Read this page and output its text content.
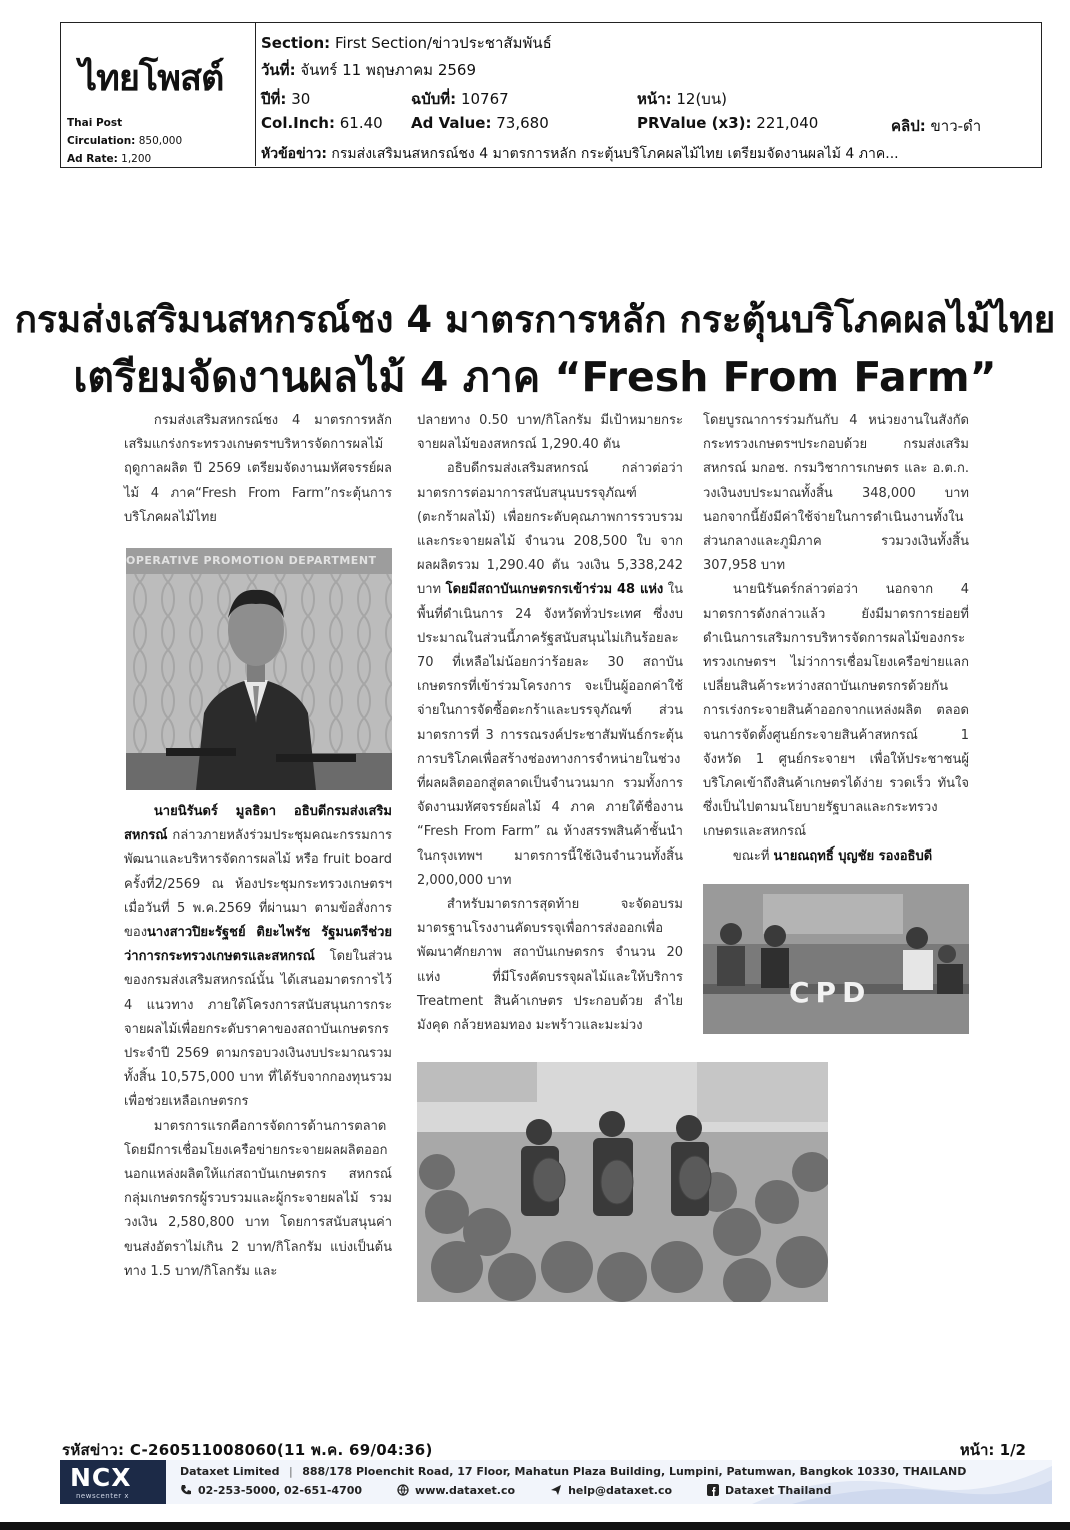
ไทยโพสต์
Thai Post
Circulation: 850,000
Ad Rate: 1,200
Section: First Section/ข่าวประชาสัมพันธ์
วันที่: จันทร์ 11 พฤษภาคม 2569
ปีที่: 30	ฉบับที่: 10767	หน้า: 12(บน)
Col.Inch: 61.40 Ad Value: 73,680	PRValue (x3): 221,040	คลิป: ขาว-ดำ
หัวข้อข่าว: กรมส่งเสริมนสหกรณ์ชง 4 มาตรการหลัก กระตุ้นบริโภคผลไม้ไทย เตรียมจัดงานผลไม้ 4 ภาค...
กรมส่งเสริมนสหกรณ์ชง 4 มาตรการหลัก กระตุ้นบริโภคผลไม้ไทย
เตรียมจัดงานผลไม้ 4 ภาค “Fresh From Farm”

กรมส่งเสริมสหกรณ์ชง 4 มาตรการหลักเสริมแกร่งกระทรวงเกษตรฯบริหารจัดการผลไม้ ฤดูกาลผลิต ปี 2569 เตรียมจัดงานมหัศจรรย์ผลไม้ 4 ภาค“Fresh From Farm”กระตุ้นการบริโภคผลไม้ไทย

OPERATIVE PROMOTION DEPARTMENT

นายนิรันดร์ มูลธิดา อธิบดีกรมส่งเสริมสหกรณ์ กล่าวภายหลังร่วมประชุมคณะกรรมการพัฒนาและบริหารจัดการผลไม้ หรือ fruit board ครั้งที่2/2569 ณ ห้องประชุมกระทรวงเกษตรฯ เมื่อวันที่ 5 พ.ค.2569 ที่ผ่านมา ตามข้อสั่งการของนางสาวปิยะรัฐชย์ ติยะไพรัช รัฐมนตรีช่วยว่าการกระทรวงเกษตรและสหกรณ์ โดยในส่วนของกรมส่งเสริมสหกรณ์นั้น ได้เสนอมาตรการไว้ 4 แนวทาง ภายใต้โครงการสนับสนุนการกระจายผลไม้เพื่อยกระดับราคาของสถาบันเกษตรกร ประจำปี 2569 ตามกรอบวงเงินงบประมาณรวมทั้งสิ้น 10,575,000 บาท ที่ได้รับจากกองทุนรวมเพื่อช่วยเหลือเกษตรกร

มาตรการแรกคือการจัดการด้านการตลาด โดยมีการเชื่อมโยงเครือข่ายกระจายผลผลิตออกนอกแหล่งผลิตให้แก่สถาบันเกษตรกร สหกรณ์ กลุ่มเกษตรกรผู้รวบรวมและผู้กระจายผลไม้ รวมวงเงิน 2,580,800 บาท โดยการสนับสนุนค่าขนส่งอัตราไม่เกิน 2 บาท/กิโลกรัม แบ่งเป็นต้นทาง 1.5 บาท/กิโลกรัม และ

ปลายทาง 0.50 บาท/กิโลกรัม มีเป้าหมายกระจายผลไม้ของสหกรณ์ 1,290.40 ตัน

อธิบดีกรมส่งเสริมสหกรณ์ กล่าวต่อว่า มาตรการต่อมาการสนับสนุนบรรจุภัณฑ์ (ตะกร้าผลไม้) เพื่อยกระดับคุณภาพการรวบรวมและกระจายผลไม้ จำนวน 208,500 ใบ จากผลผลิตรวม 1,290.40 ตัน วงเงิน 5,338,242 บาท โดยมีสถาบันเกษตรกรเข้าร่วม 48 แห่ง ในพื้นที่ดำเนินการ 24 จังหวัดทั่วประเทศ ซึ่งงบประมาณในส่วนนี้ภาครัฐสนับสนุนไม่เกินร้อยละ 70 ที่เหลือไม่น้อยกว่าร้อยละ 30 สถาบันเกษตรกรที่เข้าร่วมโครงการ จะเป็นผู้ออกค่าใช้จ่ายในการจัดซื้อตะกร้าและบรรจุภัณฑ์ ส่วนมาตรการที่ 3 การรณรงค์ประชาสัมพันธ์กระตุ้นการบริโภคเพื่อสร้างช่องทางการจำหน่ายในช่วงที่ผลผลิตออกสู่ตลาดเป็นจำนวนมาก รวมทั้งการจัดงานมหัศจรรย์ผลไม้ 4 ภาค ภายใต้ชื่องาน “Fresh From Farm” ณ ห้างสรรพสินค้าชั้นนำในกรุงเทพฯ มาตรการนี้ใช้เงินจำนวนทั้งสิ้น 2,000,000 บาท

สำหรับมาตรการสุดท้าย จะจัดอบรมมาตรฐานโรงงานคัดบรรจุเพื่อการส่งออกเพื่อพัฒนาศักยภาพ สถาบันเกษตรกร จำนวน 20 แห่ง ที่มีโรงคัดบรรจุผลไม้และให้บริการ Treatment สินค้าเกษตร ประกอบด้วย ลำไย มังคุด กล้วยหอมทอง มะพร้าวและมะม่วง

โดยบูรณาการร่วมกันกับ 4 หน่วยงานในสังกัดกระทรวงเกษตรฯประกอบด้วย กรมส่งเสริมสหกรณ์ มกอช. กรมวิชาการเกษตร และ อ.ต.ก. วงเงินงบประมาณทั้งสิ้น 348,000 บาท นอกจากนี้ยังมีค่าใช้จ่ายในการดำเนินงานทั้งในส่วนกลางและภูมิภาค รวมวงเงินทั้งสิ้น 307,958 บาท

นายนิรันดร์กล่าวต่อว่า นอกจาก 4 มาตรการดังกล่าวแล้ว ยังมีมาตรการย่อยที่ดำเนินการเสริมการบริหารจัดการผลไม้ของกระทรวงเกษตรฯ ไม่ว่าการเชื่อมโยงเครือข่ายแลกเปลี่ยนสินค้าระหว่างสถาบันเกษตรกรด้วยกัน การเร่งกระจายสินค้าออกจากแหล่งผลิต ตลอดจนการจัดตั้งศูนย์กระจายสินค้าสหกรณ์ 1 จังหวัด 1 ศูนย์กระจายฯ เพื่อให้ประชาชนผู้บริโภคเข้าถึงสินค้าเกษตรได้ง่าย รวดเร็ว ทันใจ ซึ่งเป็นไปตามนโยบายรัฐบาลและกระทรวงเกษตรและสหกรณ์

ขณะที่ นายณฤทธิ์ บุญชัย รองอธิบดี

CPD
รหัสข่าว: C-260511008060(11 พ.ค. 69/04:36)	หน้า: 1/2
NCX
newscenter x
Dataxet Limited | 888/178 Ploenchit Road, 17 Floor, Mahatun Plaza Building, Lumpini, Patumwan, Bangkok 10330, THAILAND
02-253-5000, 02-651-4700	www.dataxet.co	help@dataxet.co	Dataxet Thailand
